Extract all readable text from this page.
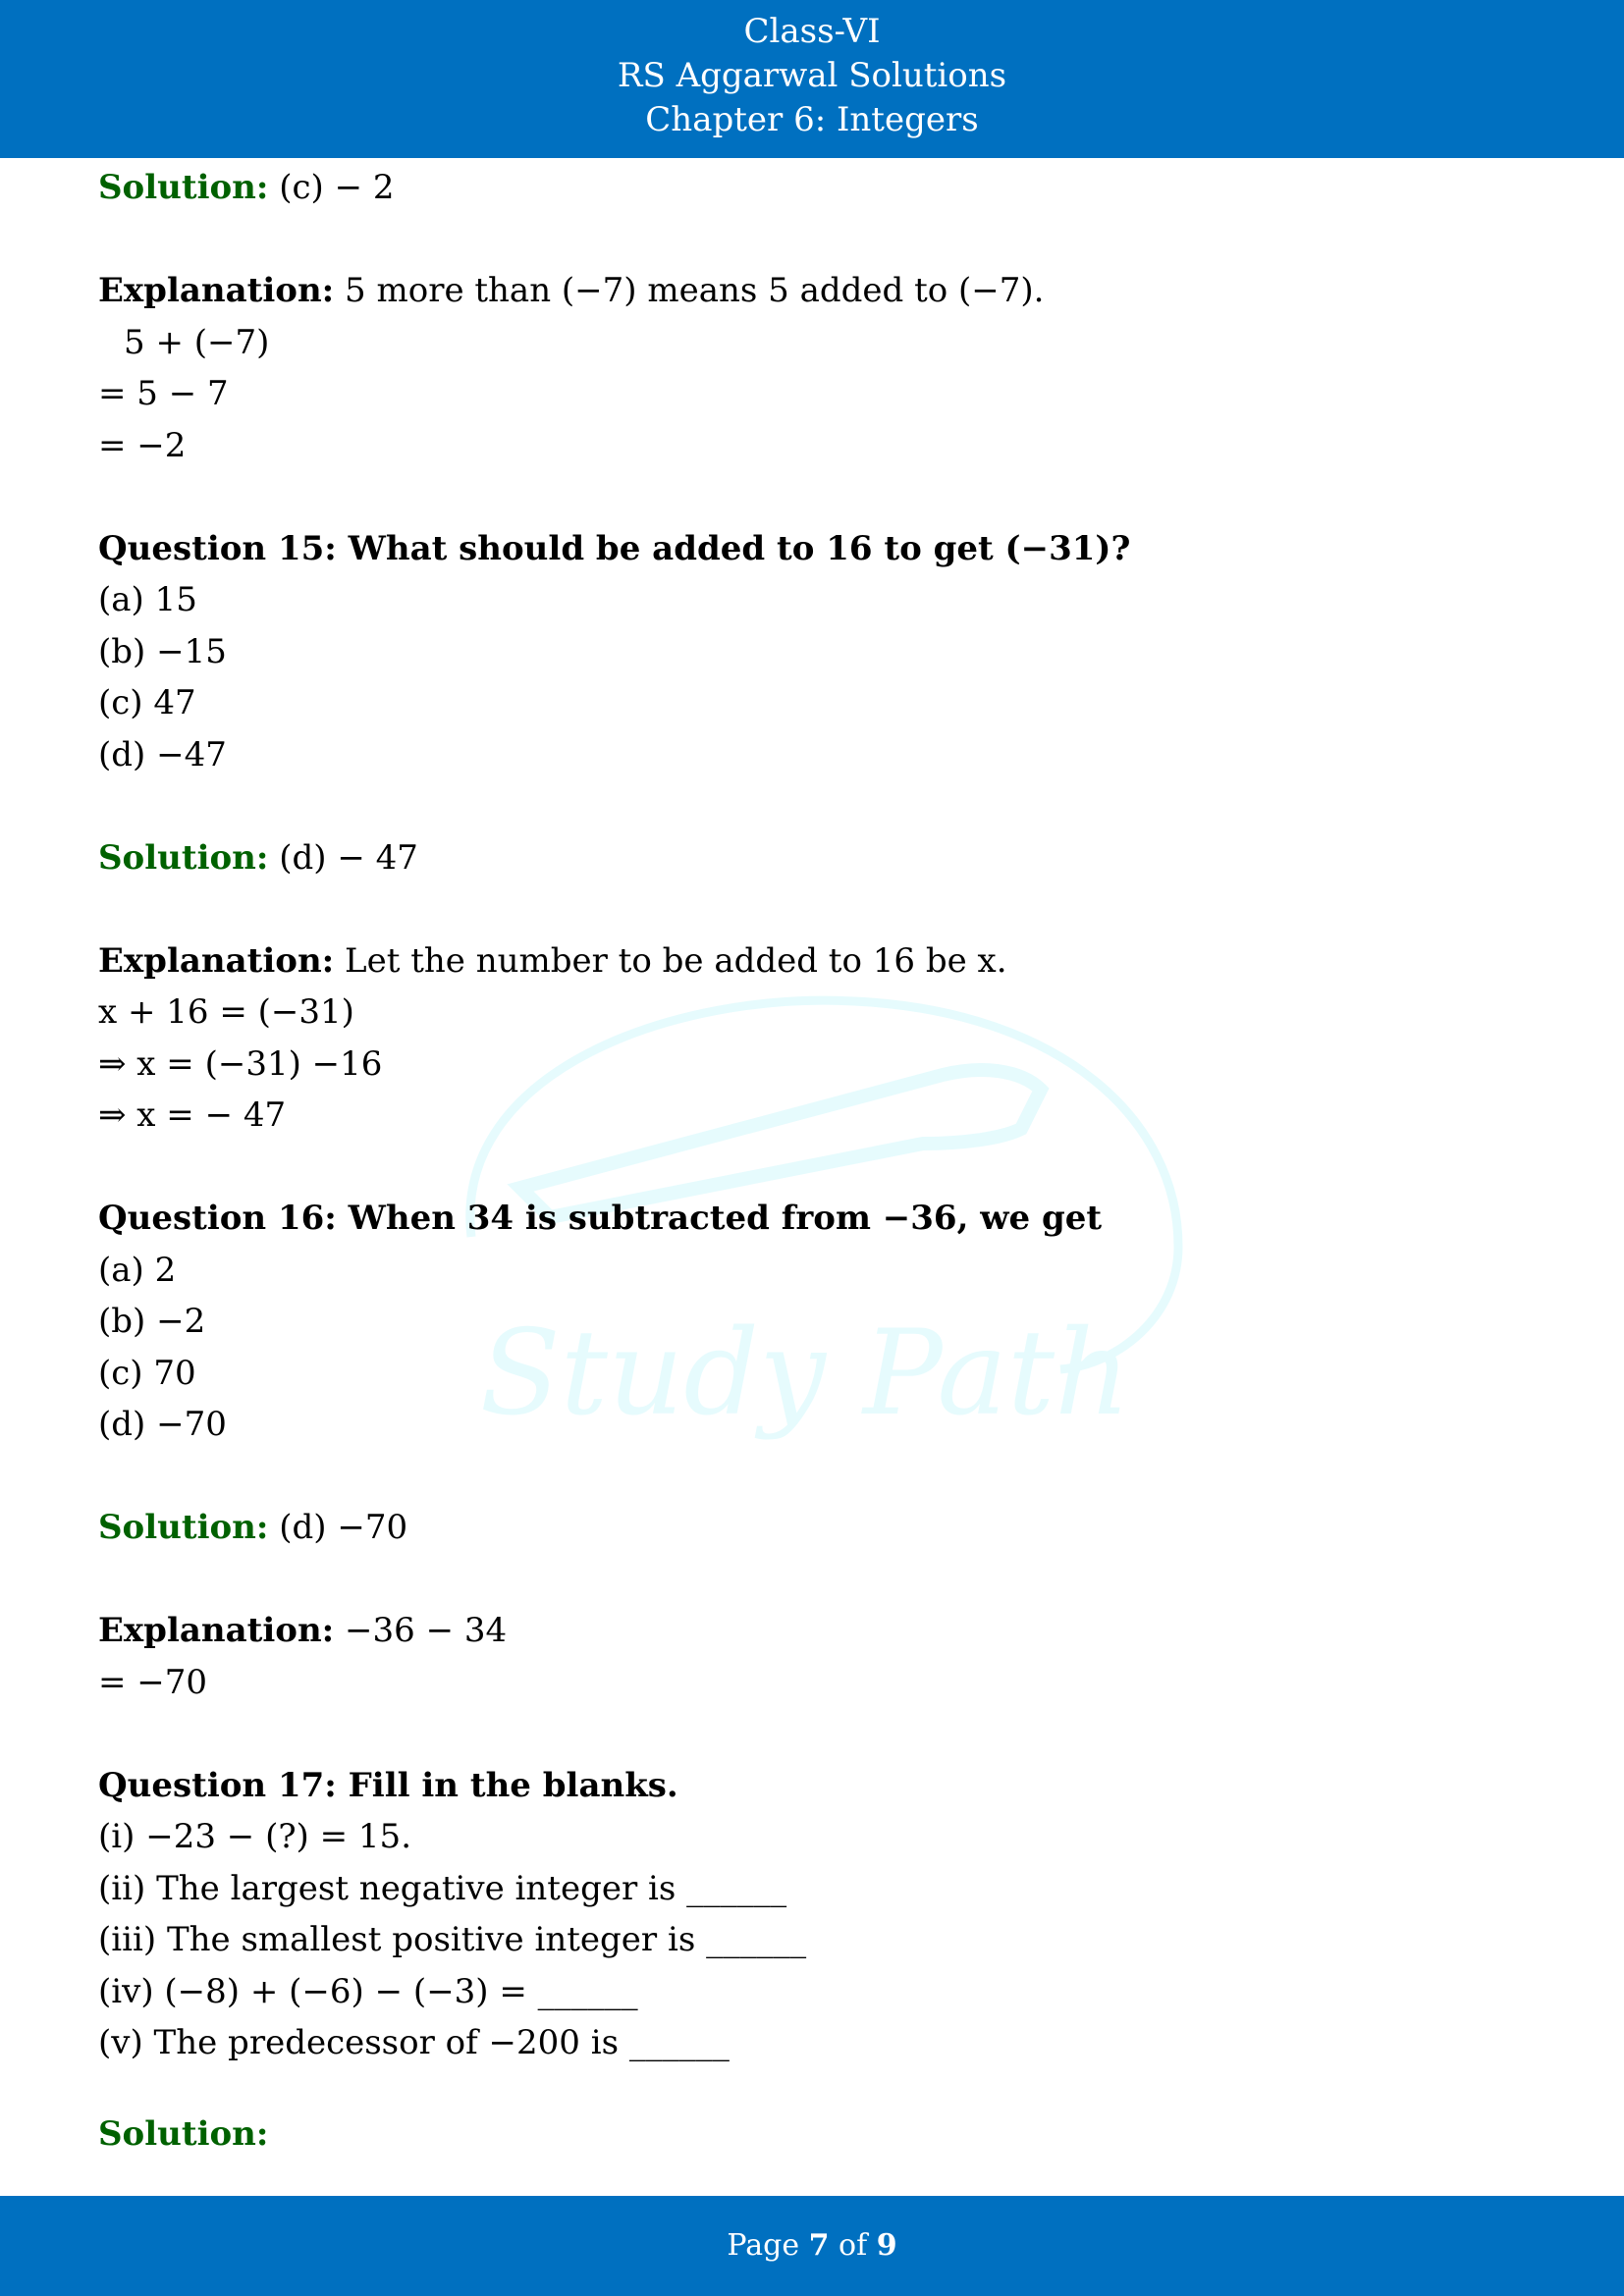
Class-VI
RS Aggarwal Solutions
Chapter 6: Integers
Study Path
Solution: (c) − 2
Explanation: 5 more than (−7) means 5 added to (−7).
5 + (−7)
= 5 − 7
= −2
Question 15: What should be added to 16 to get (−31)?
(a) 15
(b) −15
(c) 47
(d) −47
Solution: (d) − 47
Explanation: Let the number to be added to 16 be x.
x + 16 = (−31)
⇒ x = (−31) −16
⇒ x = − 47
Question 16: When 34 is subtracted from −36, we get
(a) 2
(b) −2
(c) 70
(d) −70
Solution: (d) −70
Explanation: −36 − 34
= −70
Question 17: Fill in the blanks.
(i) −23 − (?) = 15.
(ii) The largest negative integer is ______
(iii) The smallest positive integer is ______
(iv) (−8) + (−6) − (−3) = ______
(v) The predecessor of −200 is ______
Solution:
Page 7 of 9
